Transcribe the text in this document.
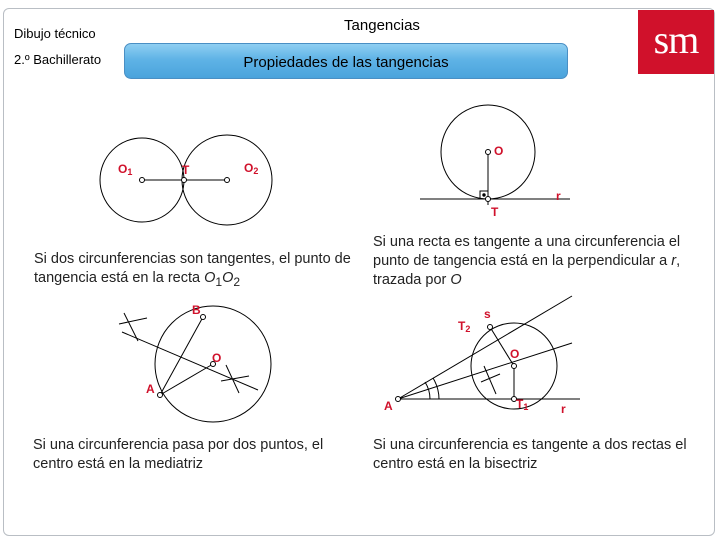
Dibujo técnico
2.º Bachillerato
Tangencias
Propiedades de las tangencias
sm
O1	T	O2
O
r
T
B
O
A
s
T2
O
A	T1	r
Si dos circunferencias son tangentes, el punto de tangencia está en la recta $O_1O_2$
Si una recta es tangente a una circunferencia el punto de tangencia está en la perpendicular a r, trazada por O
Si una circunferencia pasa por dos puntos, el centro está en la mediatriz
Si una circunferencia es tangente a dos rectas el centro está en la bisectriz
